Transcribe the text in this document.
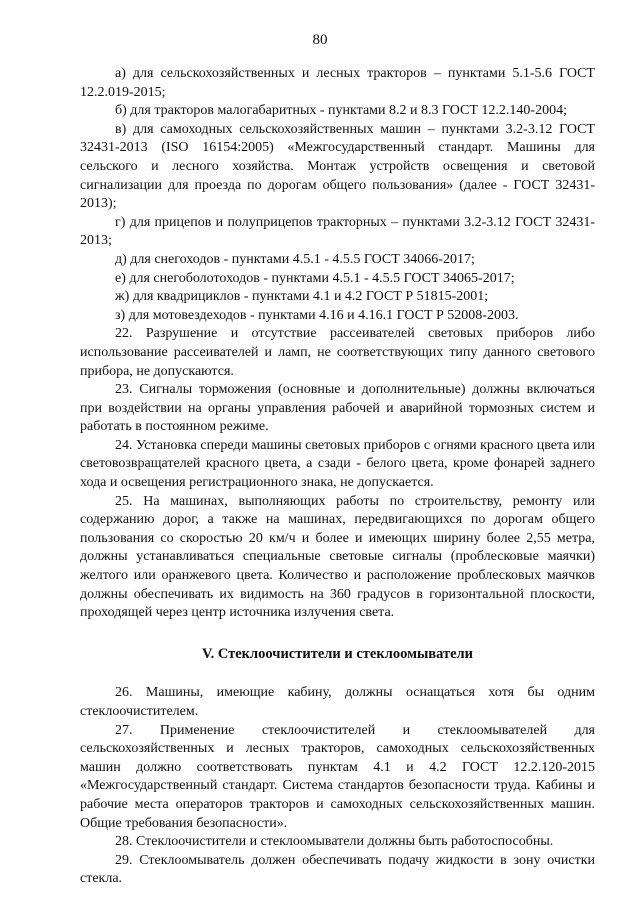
80

а) для сельскохозяйственных и лесных тракторов – пунктами 5.1-5.6 ГОСТ 12.2.019-2015;

б) для тракторов малогабаритных - пунктами 8.2 и 8.3 ГОСТ 12.2.140-2004;

в) для самоходных сельскохозяйственных машин – пунктами 3.2-3.12 ГОСТ 32431-2013 (ISO 16154:2005) «Межгосударственный стандарт. Машины для сельского и лесного хозяйства. Монтаж устройств освещения и световой сигнализации для проезда по дорогам общего пользования» (далее - ГОСТ 32431-2013);

г) для прицепов и полуприцепов тракторных – пунктами 3.2-3.12 ГОСТ 32431-2013;

д) для снегоходов - пунктами 4.5.1 - 4.5.5 ГОСТ 34066-2017;

е) для снегоболотоходов - пунктами 4.5.1 - 4.5.5 ГОСТ 34065-2017;

ж) для квадрициклов - пунктами 4.1 и 4.2 ГОСТ Р 51815-2001;

з) для мотовездеходов - пунктами 4.16 и 4.16.1 ГОСТ Р 52008-2003.

22. Разрушение и отсутствие рассеивателей световых приборов либо использование рассеивателей и ламп, не соответствующих типу данного светового прибора, не допускаются.

23. Сигналы торможения (основные и дополнительные) должны включаться при воздействии на органы управления рабочей и аварийной тормозных систем и работать в постоянном режиме.

24. Установка спереди машины световых приборов с огнями красного цвета или световозвращателей красного цвета, а сзади - белого цвета, кроме фонарей заднего хода и освещения регистрационного знака, не допускается.

25. На машинах, выполняющих работы по строительству, ремонту или содержанию дорог, а также на машинах, передвигающихся по дорогам общего пользования со скоростью 20 км/ч и более и имеющих ширину более 2,55 метра, должны устанавливаться специальные световые сигналы (проблесковые маячки) желтого или оранжевого цвета. Количество и расположение проблесковых маячков должны обеспечивать их видимость на 360 градусов в горизонтальной плоскости, проходящей через центр источника излучения света.

V. Стеклоочистители и стеклоомыватели

26. Машины, имеющие кабину, должны оснащаться хотя бы одним стеклоочистителем.

27. Применение стеклоочистителей и стеклоомывателей для сельскохозяйственных и лесных тракторов, самоходных сельскохозяйственных машин должно соответствовать пунктам 4.1 и 4.2 ГОСТ 12.2.120-2015 «Межгосударственный стандарт. Система стандартов безопасности труда. Кабины и рабочие места операторов тракторов и самоходных сельскохозяйственных машин. Общие требования безопасности».

28. Стеклоочистители и стеклоомыватели должны быть работоспособны.

29. Стеклоомыватель должен обеспечивать подачу жидкости в зону очистки стекла.
